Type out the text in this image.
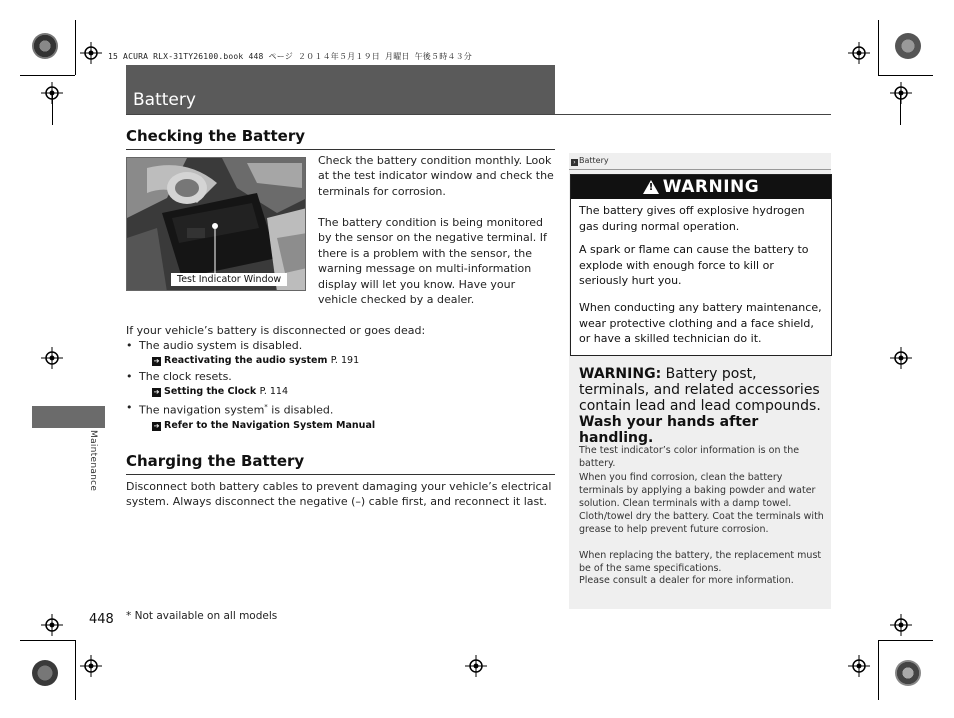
15 ACURA RLX-31TY26100.book 448 ページ ２０１４年５月１９日 月曜日 午後５時４３分
Battery
Maintenance
Checking the Battery
Test Indicator Window
Check the battery condition monthly. Look at the test indicator window and check the terminals for corrosion.
The battery condition is being monitored by the sensor on the negative terminal. If there is a problem with the sensor, the warning message on multi-information display will let you know. Have your vehicle checked by a dealer.
If your vehicle’s battery is disconnected or goes dead:
• The audio system is disabled.
➔ Reactivating the audio system P. 191
• The clock resets.
➔ Setting the Clock P. 114
• The navigation system* is disabled.
➔ Refer to the Navigation System Manual
Charging the Battery
Disconnect both battery cables to prevent damaging your vehicle’s electrical system. Always disconnect the negative (–) cable first, and reconnect it last.
› Battery
!WARNING
The battery gives off explosive hydrogen gas during normal operation.
A spark or flame can cause the battery to explode with enough force to kill or seriously hurt you.
When conducting any battery maintenance, wear protective clothing and a face shield, or have a skilled technician do it.
WARNING: Battery post, terminals, and related accessories contain lead and lead compounds.
Wash your hands after handling.
The test indicator’s color information is on the battery.
When you find corrosion, clean the battery terminals by applying a baking powder and water solution. Clean terminals with a damp towel. Cloth/towel dry the battery. Coat the terminals with grease to help prevent future corrosion.
When replacing the battery, the replacement must be of the same specifications.
Please consult a dealer for more information.
448 * Not available on all models
